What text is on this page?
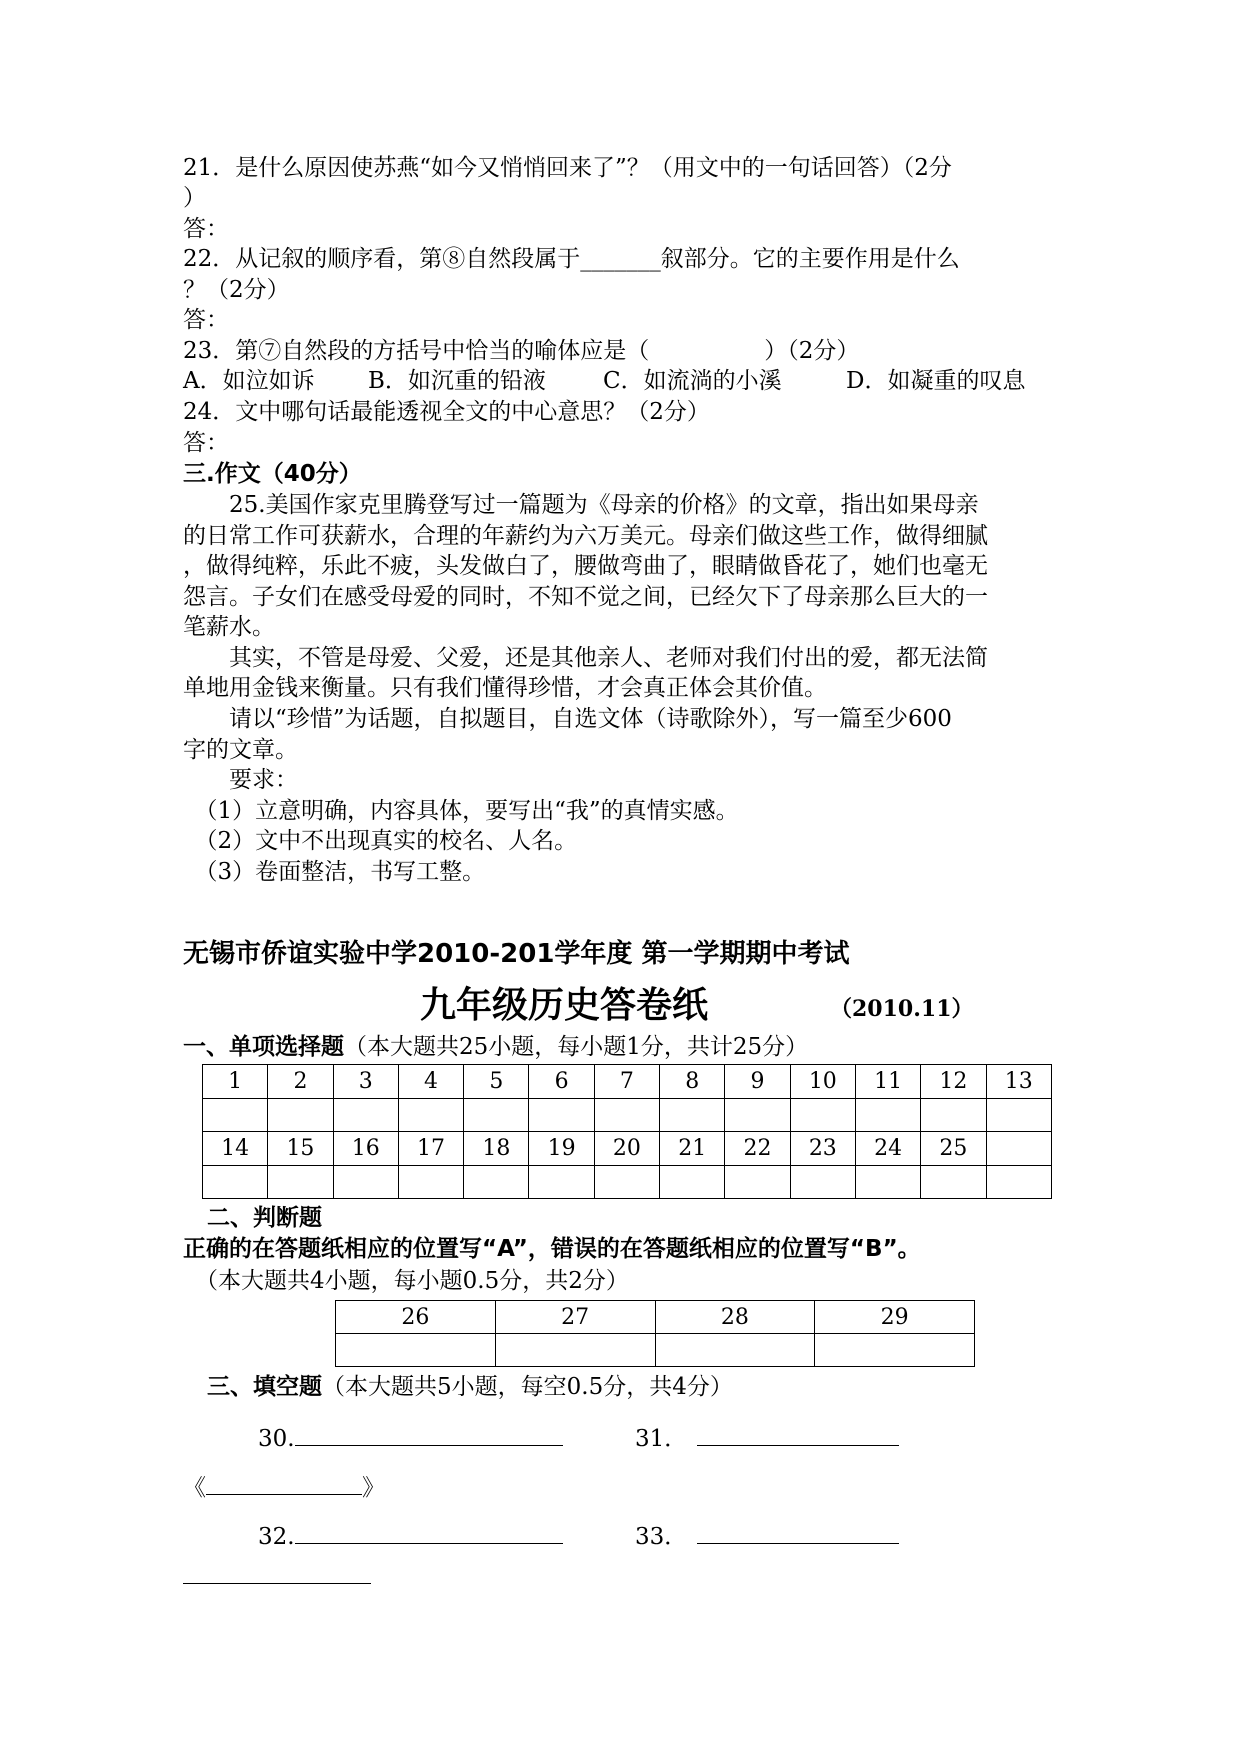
21．是什么原因使苏燕“如今又悄悄回来了”？（用文中的一句话回答）（2分
）
答：
22．从记叙的顺序看，第⑧自然段属于_______叙部分。它的主要作用是什么
？（2分）
答：
23．第⑦自然段的方括号中恰当的喻体应是（　　　　　）（2分）
A．如泣如诉 B．如沉重的铅液 C．如流淌的小溪	D．如凝重的叹息
24．文中哪句话最能透视全文的中心意思？（2分）
答：
三.作文（40分）
　　25.美国作家克里腾登写过一篇题为《母亲的价格》的文章，指出如果母亲
的日常工作可获薪水，合理的年薪约为六万美元。母亲们做这些工作，做得细腻
，做得纯粹，乐此不疲，头发做白了，腰做弯曲了，眼睛做昏花了，她们也毫无
怨言。子女们在感受母爱的同时，不知不觉之间，已经欠下了母亲那么巨大的一
笔薪水。
　　其实，不管是母爱、父爱，还是其他亲人、老师对我们付出的爱，都无法简
单地用金钱来衡量。只有我们懂得珍惜，才会真正体会其价值。
　　请以“珍惜”为话题，自拟题目，自选文体（诗歌除外），写一篇至少600
字的文章。
　　要求：
　（1）立意明确，内容具体，要写出“我”的真情实感。
　（2）文中不出现真实的校名、人名。
　（3）卷面整洁，书写工整。
无锡市侨谊实验中学2010-201学年度 第一学期期中考试
九年级历史答卷纸	（2010.11）
一、单项选择题（本大题共25小题，每小题1分，共计25分）
1	2	3	4	5	6	7	8	9	10	11	12	13

14	15	16	17	18	19	20	21	22	23	24	25	

二、判断题
正确的在答题纸相应的位置写“A”，错误的在答题纸相应的位置写“B”。
（本大题共4小题，每小题0.5分，共2分）
26	27	28	29

三、填空题（本大题共5小题，每空0.5分，共4分）
30.	31．
《	》
32.	33．
